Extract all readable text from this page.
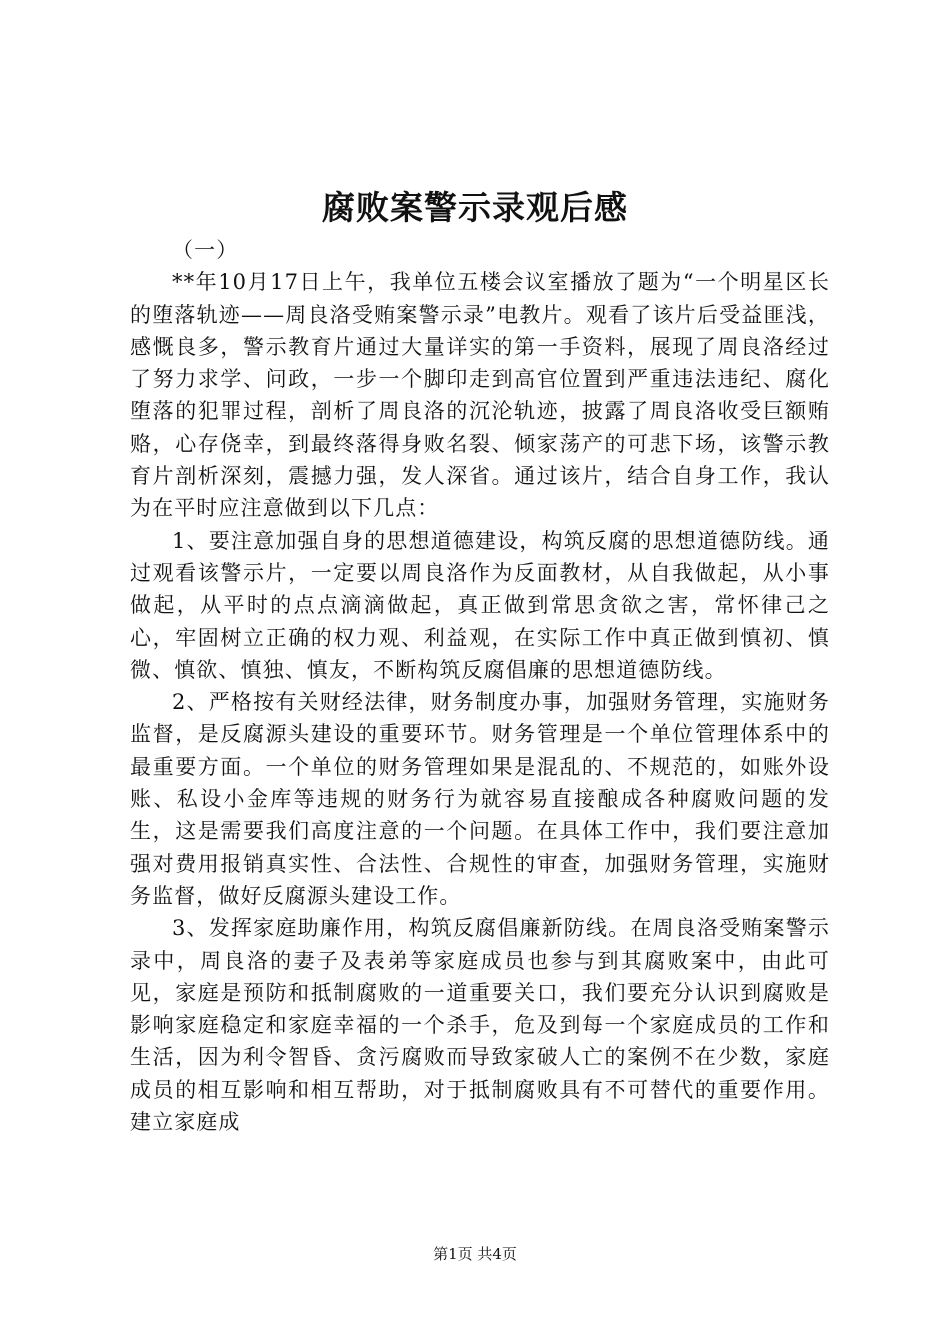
腐败案警示录观后感

（一）

**年10月17日上午，我单位五楼会议室播放了题为“一个明星区长的堕落轨迹——周良洛受贿案警示录”电教片。观看了该片后受益匪浅，感慨良多，警示教育片通过大量详实的第一手资料，展现了周良洛经过了努力求学、问政，一步一个脚印走到高官位置到严重违法违纪、腐化堕落的犯罪过程，剖析了周良洛的沉沦轨迹，披露了周良洛收受巨额贿赂，心存侥幸，到最终落得身败名裂、倾家荡产的可悲下场，该警示教育片剖析深刻，震撼力强，发人深省。通过该片，结合自身工作，我认为在平时应注意做到以下几点：

1、要注意加强自身的思想道德建设，构筑反腐的思想道德防线。通过观看该警示片，一定要以周良洛作为反面教材，从自我做起，从小事做起，从平时的点点滴滴做起，真正做到常思贪欲之害，常怀律己之心，牢固树立正确的权力观、利益观，在实际工作中真正做到慎初、慎微、慎欲、慎独、慎友，不断构筑反腐倡廉的思想道德防线。

2、严格按有关财经法律，财务制度办事，加强财务管理，实施财务监督，是反腐源头建设的重要环节。财务管理是一个单位管理体系中的最重要方面。一个单位的财务管理如果是混乱的、不规范的，如账外设账、私设小金库等违规的财务行为就容易直接酿成各种腐败问题的发生，这是需要我们高度注意的一个问题。在具体工作中，我们要注意加强对费用报销真实性、合法性、合规性的审查，加强财务管理，实施财务监督，做好反腐源头建设工作。

3、发挥家庭助廉作用，构筑反腐倡廉新防线。在周良洛受贿案警示录中，周良洛的妻子及表弟等家庭成员也参与到其腐败案中，由此可见，家庭是预防和抵制腐败的一道重要关口，我们要充分认识到腐败是影响家庭稳定和家庭幸福的一个杀手，危及到每一个家庭成员的工作和生活，因为利令智昏、贪污腐败而导致家破人亡的案例不在少数，家庭成员的相互影响和相互帮助，对于抵制腐败具有不可替代的重要作用。建立家庭成

第1页 共4页
